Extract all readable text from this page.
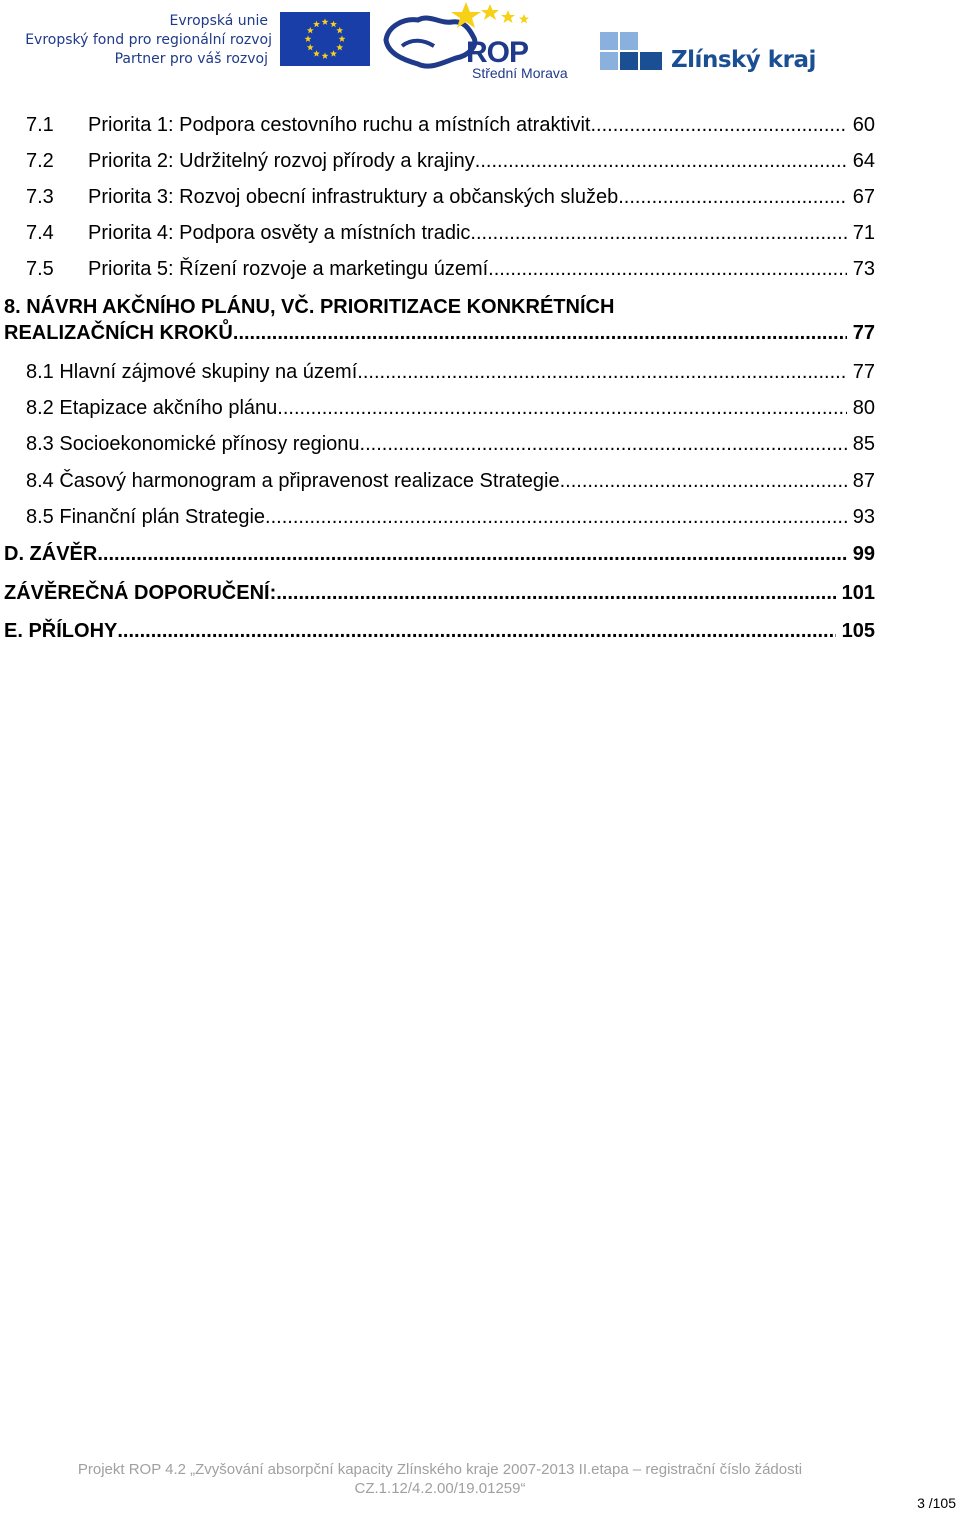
Evropská unie
Evropský fond pro regionální rozvoj
Partner pro váš rozvoj	ROP
Střední Morava	Zlínský kraj
7.1	Priorita 1: Podpora cestovního ruchu a místních atraktivit .....	60
7.2	Priorita 2: Udržitelný rozvoj přírody a krajiny .....	64
7.3	Priorita 3: Rozvoj obecní infrastruktury a občanských služeb .....	67
7.4	Priorita 4: Podpora osvěty a místních tradic .....	71
7.5	Priorita 5: Řízení rozvoje a marketingu území .....	73
8. NÁVRH AKČNÍHO PLÁNU, VČ. PRIORITIZACE KONKRÉTNÍCH
REALIZAČNÍCH KROKŮ .....	77
8.1 Hlavní zájmové skupiny na území .....	77
8.2 Etapizace akčního plánu .....	80
8.3 Socioekonomické přínosy regionu .....	85
8.4 Časový harmonogram a připravenost realizace Strategie .....	87
8.5 Finanční plán Strategie .....	93
D. ZÁVĚR .....	99
ZÁVĚREČNÁ DOPORUČENÍ: .....	101
E. PŘÍLOHY .....	105
Projekt ROP 4.2 „Zvyšování absorpční kapacity Zlínského kraje 2007-2013 II.etapa – registrační číslo žádosti
CZ.1.12/4.2.00/19.01259“
3 /105
